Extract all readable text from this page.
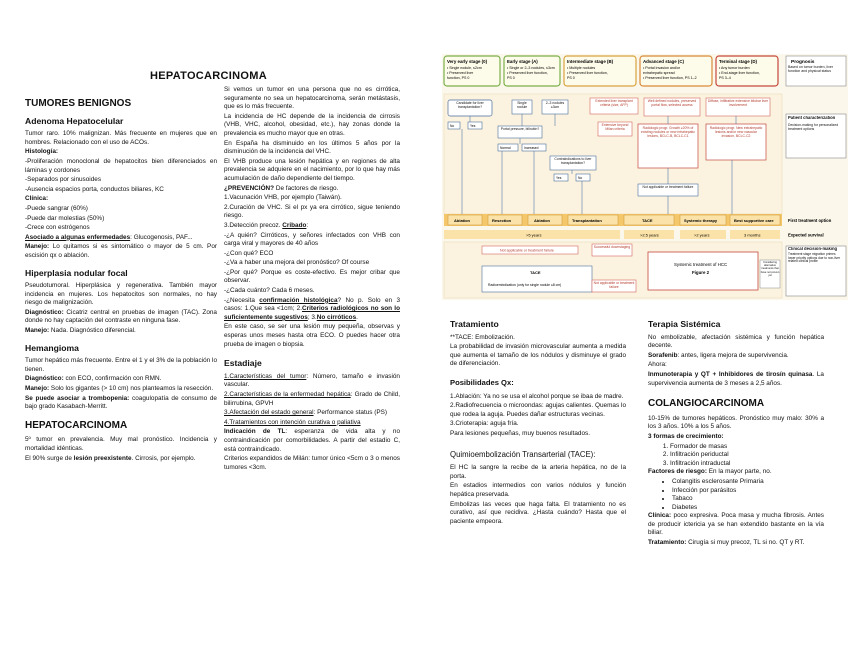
HEPATOCARCINOMA
TUMORES BENIGNOS
Adenoma Hepatocelular

Tumor raro. 10% malignizan. Más frecuente en mujeres que en hombres. Relacionado con el uso de ACOs.

Histología:

-Proliferación monoclonal de hepatocitos bien diferenciados en láminas y cordones

-Separados por sinusoides

-Ausencia espacios porta, conductos biliares, KC

Clínica:

-Puede sangrar (60%)

-Puede dar molestias (50%)

-Crece con estrógenos

Asociado a algunas enfermedades: Glucogenosis, PAF...

Manejo: Lo quitamos si es sintomático o mayor de 5 cm. Por escisión qx o ablación.

Hiperplasia nodular focal

Pseudotumoral. Hiperplásica y regenerativa. También mayor incidencia en mujeres. Los hepatocitos son normales, no hay riesgo de malignización.

Diagnóstico: Cicatriz central en pruebas de imagen (TAC). Zona donde no hay captación del contraste en ninguna fase.

Manejo: Nada. Diagnóstico diferencial.

Hemangioma

Tumor hepático más frecuente. Entre el 1 y el 3% de la población lo tienen.

Diagnóstico: con ECO, confirmación con RMN.

Manejo: Solo los gigantes (> 10 cm) nos planteamos la resección.

Se puede asociar a trombopenia: coagulopatía de consumo de bajo grado Kasabach-Merritt.

HEPATOCARCINOMA

5º tumor en prevalencia. Muy mal pronóstico. Incidencia y mortalidad idénticas.

El 90% surge de lesión preexistente. Cirrosis, por ejemplo.

Si vemos un tumor en una persona que no es cirrótica, seguramente no sea un hepatocarcinoma, serán metástasis, que es lo más frecuente.

La incidencia de HC depende de la incidencia de cirrosis (VHB, VHC, alcohol, obesidad, etc.), hay zonas donde la prevalencia es mucho mayor que en otras.

En España ha disminuido en los últimos 5 años por la disminución de la incidencia del VHC.

El VHB produce una lesión hepática y en regiones de alta prevalencia se adquiere en el nacimiento, por lo que hay más acumulación de daño dependiente del tiempo.

¿PREVENCIÓN? De factores de riesgo.

1.Vacunación VHB, por ejemplo (Taiwán).

2.Curación de VHC. Si el px ya era cirrótico, sigue teniendo riesgo.

3.Detección precoz. Cribado:

-¿A quién? Cirróticos, y señores infectados con VHB con carga viral y mayores de 40 años

-¿Con qué? ECO

-¿Va a haber una mejora del pronóstico? Of course

-¿Por qué? Porque es coste-efectivo. Es mejor cribar que observar.

-¿Cada cuánto? Cada 6 meses.

-¿Necesita confirmación histológica? No p. Solo en 3 casos: 1.Que sea <1cm; 2.Criterios radiológicos no son lo suficientemente sugestivos; 3.No cirróticos.

En este caso, se ser una lesión muy pequeña, observas y esperas unos meses hasta otra ECO. O puedes hacer otra prueba de imagen o biopsia.

Estadiaje

1.Características del tumor: Número, tamaño e invasión vascular.

2.Características de la enfermedad hepática: Grado de Child, bilirrubina, GPVH

3.Afectación del estado general: Performance status (PS)

4.Tratamientos con intención curativa o paliativa

Indicación de TL: esperanza de vida alta y no contraindicación por comorbilidades. A partir del estadio C, está contraindicado.

Criterios expandidos de Milán: tumor único <5cm o 3 o menos tumores <3cm.

Very early stage (0)
• Single nodule, ≤2cm
• Preserved liver
function, PS 0
Early stage (A)
• Single or 2–3 nodules, ≤3cm
• Preserved liver function,
PS 0
Intermediate stage (B)
• Multiple nodules
• Preserved liver function,
PS 0
Advanced stage (C)
• Portal invasion and/or
extrahepatic spread
• Preserved liver function, PS 1–2
Terminal stage (D)
• Any tumor burden
• End-stage liver function,
PS 3–4
Prognosis
Based on tumor burden, liver function and physical status
Candidate for liver transplantation?
No	Yes
Single nodule
2–3 nodules ≤3cm
Portal pressure, bilirubin?
Normal	Increased
Contraindications to liver transplantation?
Yes	No
Extended liver transplant criteria (size, AFP)
Well defined nodules, preserved portal flow, selected access
Diffuse, infiltrative extensive bilobar liver involvement
Extensive beyond Milan criteria	Radiologic progr. Growth ≥20% of existing nodules or new intrahepatic lesions, BCLC-B, BCLC-C1
Radiologic progr. New extrahepatic lesions and/or new vascular invasion, BCLC-C2
Not applicable or treatment failure
Patient characterization
Decision-making for personalized treatment options
Ablation	Resection	Ablation	Transplantation	TACE	Systemic therapy	Best supportive care	First treatment option
>5 years	>2.5 years	>2 years	3 months	Expected survival
Not applicable or treatment failure
Successful downstaging
TACE
Radioembolization (only for single nodule ≤8 cm)	Not applicable or treatment failure
Systemic treatment of HCC
Figure 2
Considering alternative treatments that have not proven yet
Clinical decision-making
Treatment stage migration primes lower priority options due to non-liver related clinical profile
Tratamiento

**TACE: Embolización.

La probabilidad de invasión microvascular aumenta a medida que aumenta el tamaño de los nódulos y disminuye el grado de diferenciación.

Posibilidades Qx:

1.Ablación: Ya no se usa el alcohol porque se ibaa de madre.

2.Radiofrecuencia o microondas: agujas calientes. Quemas lo que rodea la aguja. Puedes dañar estructuras vecinas.

3.Crioterapia: aguja fría.

Para lesiones pequeñas, muy buenos resultados.

Quimioembolización Transarterial (TACE):

El HC la sangre la recibe de la arteria hepática, no de la porta.

En estadios intermedios con varios nódulos y función hepática preservada.

Embolizas las veces que haga falta. El tratamiento no es curativo, así que recidiva. ¿Hasta cuándo? Hasta que el paciente empeora.

Terapia Sistémica

No embolizable, afectación sistémica y función hepática decente.

Sorafenib: antes, ligera mejora de supervivencia.

Ahora:

Inmunoterapia y QT + Inhibidores de tirosín quinasa. La supervivencia aumenta de 3 meses a 2,5 años.

COLANGIOCARCINOMA

10-15% de tumores hepáticos. Pronóstico muy malo: 30% a los 3 años. 10% a los 5 años.

3 formas de crecimiento:

1. Formador de masas
2. Infiltración periductal
3. Infiltración intraductal

Factores de riesgo: En la mayor parte, no.

• Colangitis esclerosante Primaria
• Infección por parásitos
• Tabaco
• Diabetes

Clínica: poco expresiva. Poca masa y mucha fibrosis. Antes de producir ictericia ya se han extendido bastante en la vía biliar.

Tratamiento: Cirugía si muy precoz, TL si no. QT y RT.
